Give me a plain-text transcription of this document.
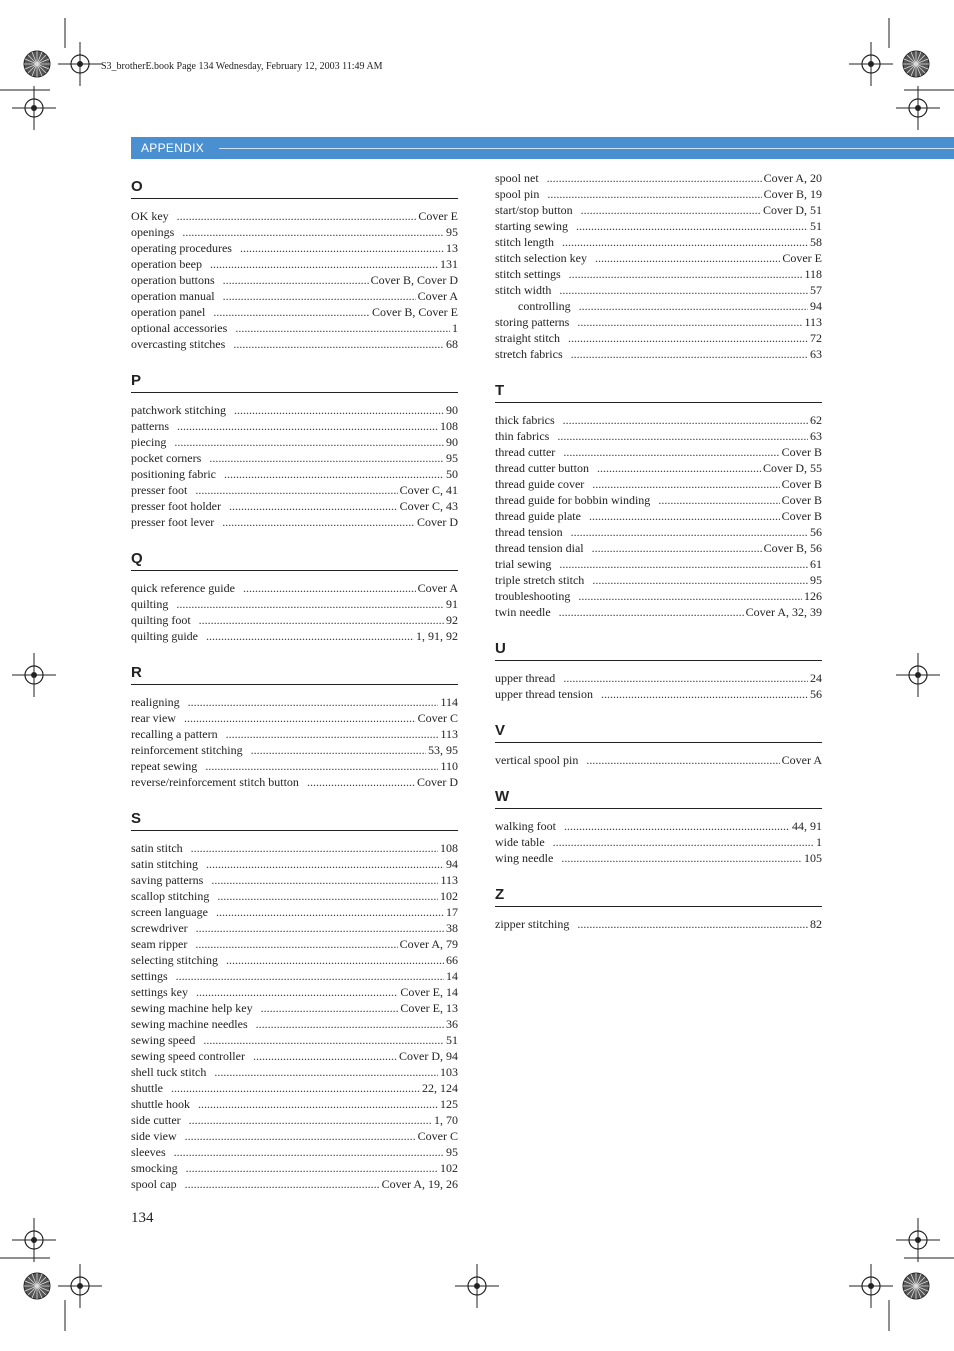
S3_brotherE.book Page 134 Wednesday, February 12, 2003 11:49 AM
APPENDIX
O
OK key .....	Cover E
openings .....	95
operating procedures .....	13
operation beep .....	131
operation buttons .....	Cover B, Cover D
operation manual .....	Cover A
operation panel .....	Cover B, Cover E
optional accessories .....	1
overcasting stitches .....	68
P
patchwork stitching .....	90
patterns .....	108
piecing .....	90
pocket corners .....	95
positioning fabric .....	50
presser foot .....	Cover C, 41
presser foot holder .....	Cover C, 43
presser foot lever .....	Cover D
Q
quick reference guide .....	Cover A
quilting .....	91
quilting foot .....	92
quilting guide .....	1, 91, 92
R
realigning .....	114
rear view .....	Cover C
recalling a pattern .....	113
reinforcement stitching .....	53, 95
repeat sewing .....	110
reverse/reinforcement stitch button .....	Cover D
S
satin stitch .....	108
satin stitching .....	94
saving patterns .....	113
scallop stitching .....	102
screen language .....	17
screwdriver .....	38
seam ripper .....	Cover A, 79
selecting stitching .....	66
settings .....	14
settings key .....	Cover E, 14
sewing machine help key .....	Cover E, 13
sewing machine needles .....	36
sewing speed .....	51
sewing speed controller .....	Cover D, 94
shell tuck stitch .....	103
shuttle .....	22, 124
shuttle hook .....	125
side cutter .....	1, 70
side view .....	Cover C
sleeves .....	95
smocking .....	102
spool cap .....	Cover A, 19, 26
spool net .....	Cover A, 20
spool pin .....	Cover B, 19
start/stop button .....	Cover D, 51
starting sewing .....	51
stitch length .....	58
stitch selection key .....	Cover E
stitch settings .....	118
stitch width .....	57
controlling .....	94
storing patterns .....	113
straight stitch .....	72
stretch fabrics .....	63
T
thick fabrics .....	62
thin fabrics .....	63
thread cutter .....	Cover B
thread cutter button .....	Cover D, 55
thread guide cover .....	Cover B
thread guide for bobbin winding .....	Cover B
thread guide plate .....	Cover B
thread tension .....	56
thread tension dial .....	Cover B, 56
trial sewing .....	61
triple stretch stitch .....	95
troubleshooting .....	126
twin needle .....	Cover A, 32, 39
U
upper thread .....	24
upper thread tension .....	56
V
vertical spool pin .....	Cover A
W
walking foot .....	44, 91
wide table .....	1
wing needle .....	105
Z
zipper stitching .....	82
134
